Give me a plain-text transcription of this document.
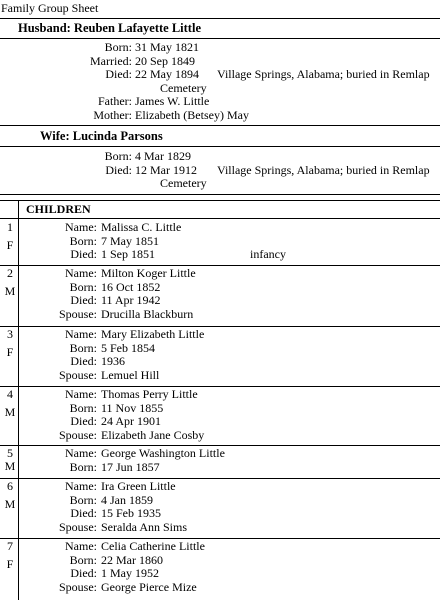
Family Group Sheet
Husband: Reuben Lafayette Little
Born: 31 May 1821
Married: 20 Sep 1849
Died: 22 May 1894 Village Springs, Alabama; buried in Remlap
Cemetery
Father: James W. Little
Mother: Elizabeth (Betsey) May
Wife: Lucinda Parsons
Born: 4 Mar 1829
Died: 12 Mar 1912 Village Springs, Alabama; buried in Remlap
Cemetery
CHILDREN
1
F
Name: Malissa C. Little
Born: 7 May 1851
Died: 1 Sep 1851	infancy
2
M
Name: Milton Koger Little
Born: 16 Oct 1852
Died: 11 Apr 1942
Spouse: Drucilla Blackburn
3
F
Name: Mary Elizabeth Little
Born: 5 Feb 1854
Died: 1936
Spouse: Lemuel Hill
4
M
Name: Thomas Perry Little
Born: 11 Nov 1855
Died: 24 Apr 1901
Spouse: Elizabeth Jane Cosby
5
M
Name: George Washington Little
Born: 17 Jun 1857
6
M
Name: Ira Green Little
Born: 4 Jan 1859
Died: 15 Feb 1935
Spouse: Seralda Ann Sims
7
F
Name: Celia Catherine Little
Born: 22 Mar 1860
Died: 1 May 1952
Spouse: George Pierce Mize
